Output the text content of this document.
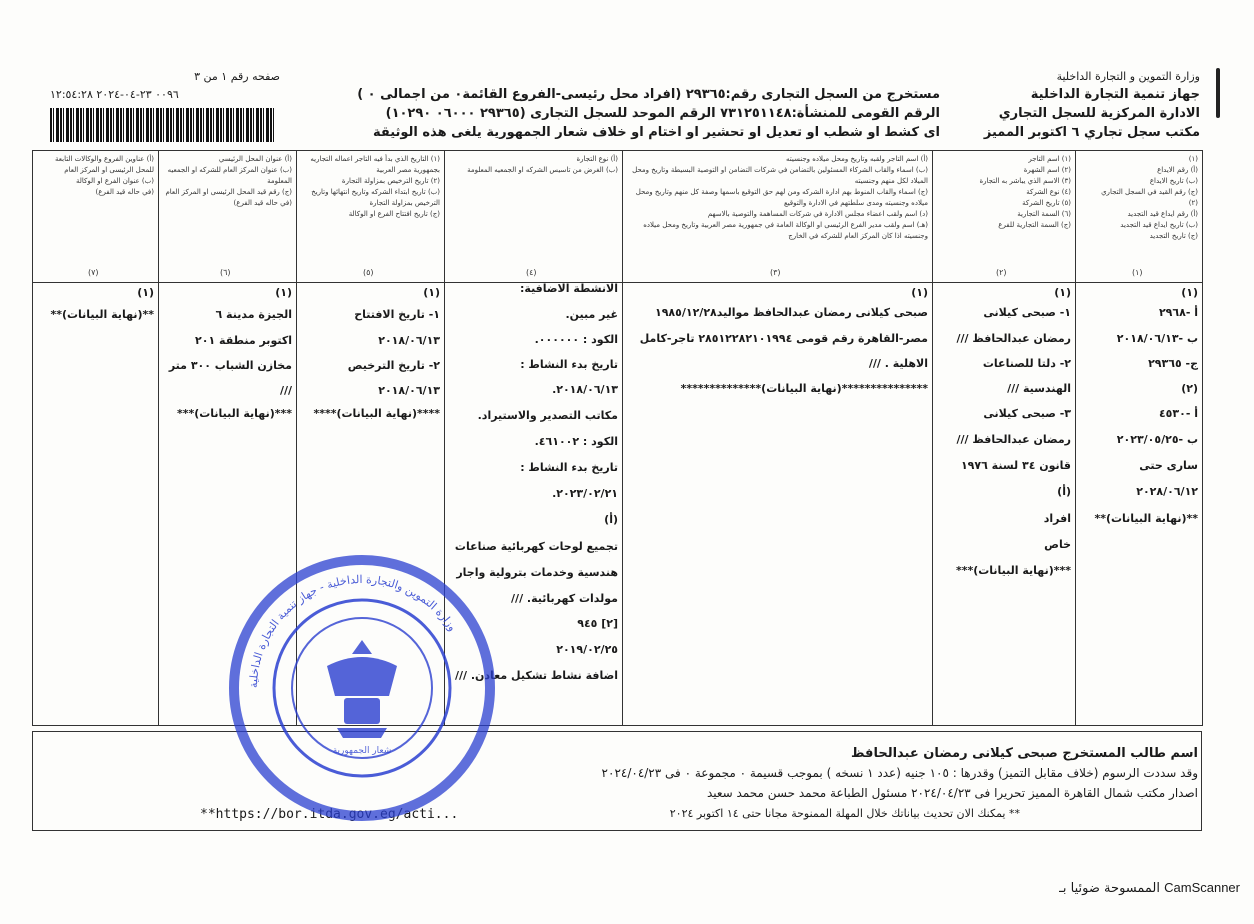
صفحه رقم ١ من ٣
٠٠٩٦ ٢٣-٠٤-٢٠٢٤ ١٢:٥٤:٢٨
وزارة التموين و التجارة الداخلية
جهاز تنمية التجارة الداخلية
الادارة المركزية للسجل التجاري
مكتب سجل تجاري ٦ اكتوبر المميز
مستخرج من السجل التجارى رقم:٢٩٣٦٥ (افراد محل رئيسى-الفروع القائمة٠ من اجمالى ٠ )
الرقم القومى للمنشأة:٧٣١٢٥١١٤٨ الرقم الموحد للسجل التجارى (٢٩٣٦٥ ٠٦٠٠٠ ١٠٢٩٠)
اى كشط او شطب او تعديل او تحشير او اختام او خلاف شعار الجمهورية يلغى هذه الوثيقة
(١)
(أ) رقم الايداع
(ب) تاريخ الايداع
(ج) رقم القيد في السجل التجاري
(٢)
(أ) رقم ايداع قيد التجديد
(ب) تاريخ ايداع قيد التجديد
(ج) تاريخ التجديد
(١) اسم التاجر
(٢) اسم الشهرة
(٣) الاسم الذي يباشر به التجارة
(٤) نوع الشركة
(٥) تاريخ الشركة
(٦) السمة التجارية
(ج) السمة التجارية للفرع
(أ) اسم التاجر ولقبه وتاريخ ومحل ميلاده وجنسيته
(ب) اسماء والقاب الشركاء المسئولين بالتضامن في شركات التضامن او التوصية البسيطة وتاريخ ومحل الميلاد لكل منهم وجنسيته
(ج) اسماء والقاب المنوط بهم ادارة الشركه ومن لهم حق التوقيع باسمها وصفة كل منهم وتاريخ ومحل ميلاده وجنسيته ومدى سلطتهم في الادارة والتوقيع
(د) اسم ولقب اعضاء مجلس الادارة في شركات المساهمة والتوصية بالاسهم
(هـ) اسم ولقب مدير الفرع الرئيسى او الوكالة العامة في جمهورية مصر العربية وتاريخ ومحل ميلاده وجنسيته اذا كان المركز العام للشركه في الخارج
(أ) نوع التجارة
(ب) الغرض من تاسيس الشركه او الجمعيه المعلومة
(١) التاريخ الذي بدأ فيه التاجر اعماله التجاريه بجمهورية مصر العربية
(٢) تاريخ الترخيص بمزاولة التجارة
(ب) تاريخ ابتداء الشركه وتاريخ انتهائها وتاريخ الترخيص بمزاولة التجارة
(ج) تاريخ افتتاح الفرع او الوكالة
(أ) عنوان المحل الرئيسي
(ب) عنوان المركز العام للشركه او الجمعيه المعلومة
(ج) رقم قيد المحل الرئيسى او المركز العام (في حاله قيد الفرع)
(أ) عناوين الفروع والوكالات التابعة للمحل الرئيسى او المركز العام
(ب) عنوان الفرع او الوكالة
(في حاله قيد الفرع)
(١)
(٢)
(٣)
(٤)
(٥)
(٦)
(٧)
(١)
أ -٢٩٦٨
ب -٢٠١٨/٠٦/١٣
ج- ٢٩٣٦٥
(٢)
أ -٤٥٣٠
ب -٢٠٢٣/٠٥/٢٥
سارى حتى
٢٠٢٨/٠٦/١٢
**(نهاية البيانات)**
(١)
١- صبحى كيلانى
رمضان عبدالحافظ ///
٢- دلتا للصناعات
الهندسية ///
٣- صبحى كيلانى
رمضان عبدالحافظ ///
قانون ٣٤ لسنة ١٩٧٦
(أ)
افراد
خاص
***(نهاية البيانات)***
(١)
صبحى كيلانى رمضان عبدالحافظ مواليد١٩٨٥/١٢/٢٨
مصر-القاهرة رقم قومى ٢٨٥١٢٢٨٢١٠١٩٩٤ تاجر-كامل
الاهلية . ///
***************(نهاية البيانات)**************
الانشطة الاضافية:
غير مبين.
الكود : ٠٠٠٠٠٠.
تاريخ بدء النشاط :
٢٠١٨/٠٦/١٣.
مكاتب التصدير والاستيراد.
الكود : ٤٦١٠٠٢.
تاريخ بدء النشاط :
٢٠٢٣/٠٢/٢١.
(أ)
تجميع لوحات كهربائية صناعات
هندسية وخدمات بترولية واجار
مولدات كهربائية. ///
[٢] ٩٤٥
٢٠١٩/٠٢/٢٥
اضافة نشاط تشكيل معادن. ///
(١)
١- تاريخ الافتتاح
٢٠١٨/٠٦/١٣
٢- تاريخ الترخيص
٢٠١٨/٠٦/١٣
****(نهاية البيانات)****
(١)
الجيزة مدينة ٦
اكتوبر منطقة ٢٠١
مخازن الشباب ٣٠٠ متر
///
***(نهاية البيانات)***
(١)
**(نهاية البيانات)**
اسم طالب المستخرج صبحى كيلانى رمضان عبدالحافظ
وقد سددت الرسوم (خلاف مقابل التميز) وقدرها : ١٠٥ جنيه (عدد ١ نسخه ) بموجب قسيمة ٠ مجموعة ٠ فى ٢٠٢٤/٠٤/٢٣
اصدار مكتب شمال القاهرة المميز تحريرا فى ٢٠٢٤/٠٤/٢٣ مسئول الطباعة محمد حسن محمد سعيد
** يمكنك الان تحديث بياناتك خلال المهلة الممنوحة مجانا حتى ١٤ اكتوبر ٢٠٢٤
**https://bor.itda.gov.eg/acti...
وزارة التموين والتجارة الداخلية - جهاز تنمية التجارة الداخلية
شعار الجمهورية
الممسوحة ضوئيا بـ CamScanner
